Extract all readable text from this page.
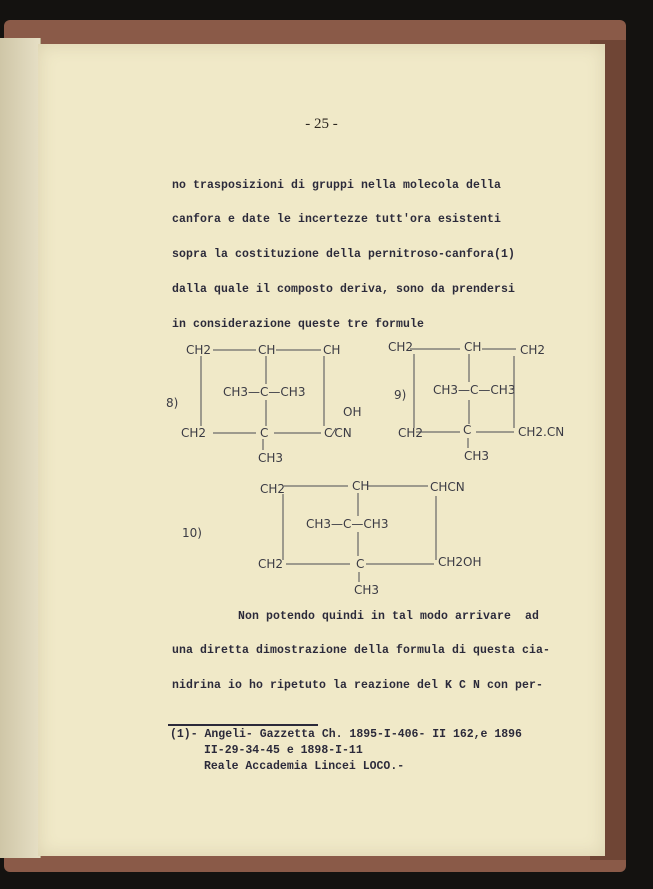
- 25 -
no trasposizioni di gruppi nella molecola della
canfora e date le incertezze tutt'ora esistenti
sopra la costituzione della pernitroso-canfora(1)
dalla quale il composto deriva, sono da prendersi
in considerazione queste tre formule
8)
CH2	CH	CH
CH3—C—CH3
OH
C⁄CN
CH2	C
CH3
9)
CH2	CH	CH2
CH3—C—CH3
CH2	C	CH2.CN
CH3
10)
CH2	CH	CHCN
CH3—C—CH3
CH2	C	CH2OH
CH3
Non potendo quindi in tal modo arrivare  ad
una diretta dimostrazione della formula di questa cia-
nidrina io ho ripetuto la reazione del K C N con per-
(1)- Angeli- Gazzetta Ch. 1895-I-406- II 162,e 1896
II-29-34-45 e 1898-I-11
Reale Accademia Lincei LOCO.-
